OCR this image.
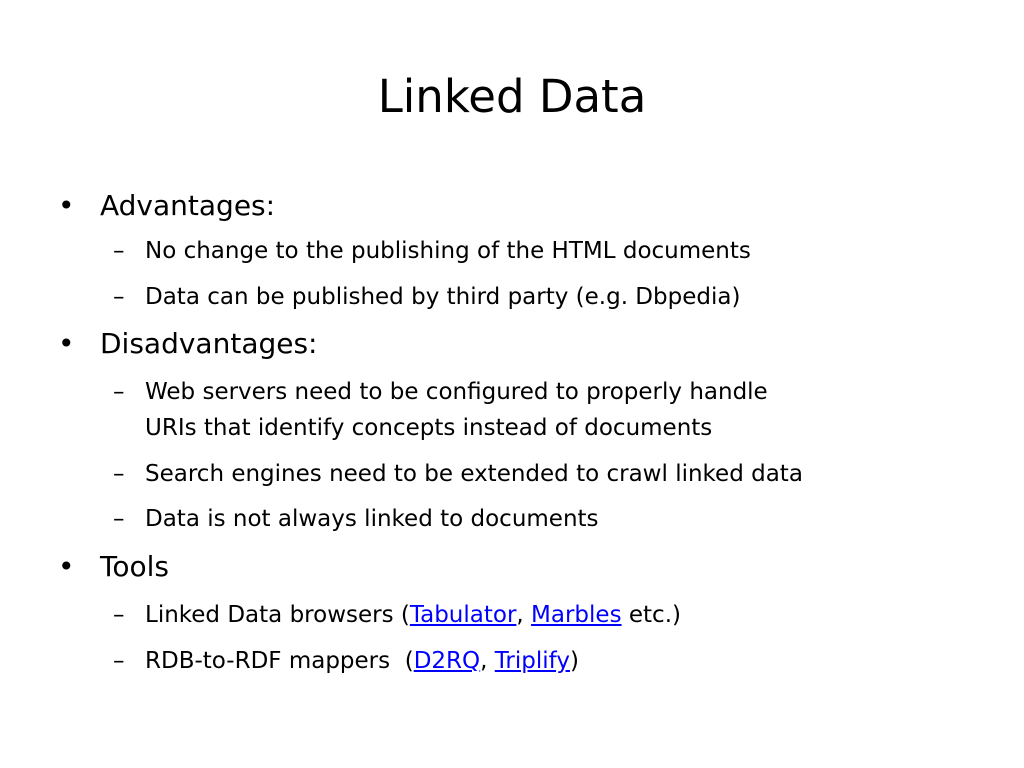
Linked Data
• Advantages:
– No change to the publishing of the HTML documents
– Data can be published by third party (e.g. Dbpedia)
• Disadvantages:
– Web servers need to be configured to properly handle
URIs that identify concepts instead of documents
– Search engines need to be extended to crawl linked data
– Data is not always linked to documents
• Tools
– Linked Data browsers (Tabulator, Marbles etc.)
– RDB-to-RDF mappers  (D2RQ, Triplify)
